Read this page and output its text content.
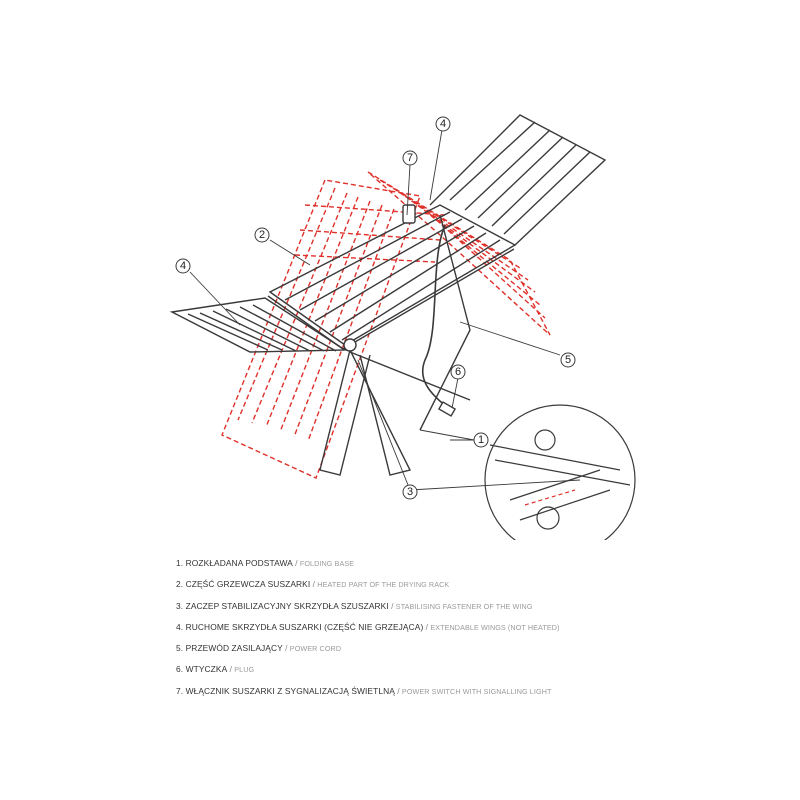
4
7
2
4
5
6
1
3
1. ROZKŁADANA PODSTAWA / FOLDING BASE
2. CZĘŚĆ GRZEWCZA SUSZARKI / HEATED PART OF THE DRYING RACK
3. ZACZEP STABILIZACYJNY SKRZYDŁA SZUSZARKI / STABILISING FASTENER OF THE WING
4. RUCHOME SKRZYDŁA SUSZARKI (CZĘŚĆ NIE GRZEJĄCA) / EXTENDABLE WINGS (NOT HEATED)
5. PRZEWÓD ZASILAJĄCY / POWER CORD
6. WTYCZKA / PLUG
7. WŁĄCZNIK SUSZARKI Z SYGNALIZACJĄ ŚWIETLNĄ / POWER SWITCH WITH SIGNALLING LIGHT
